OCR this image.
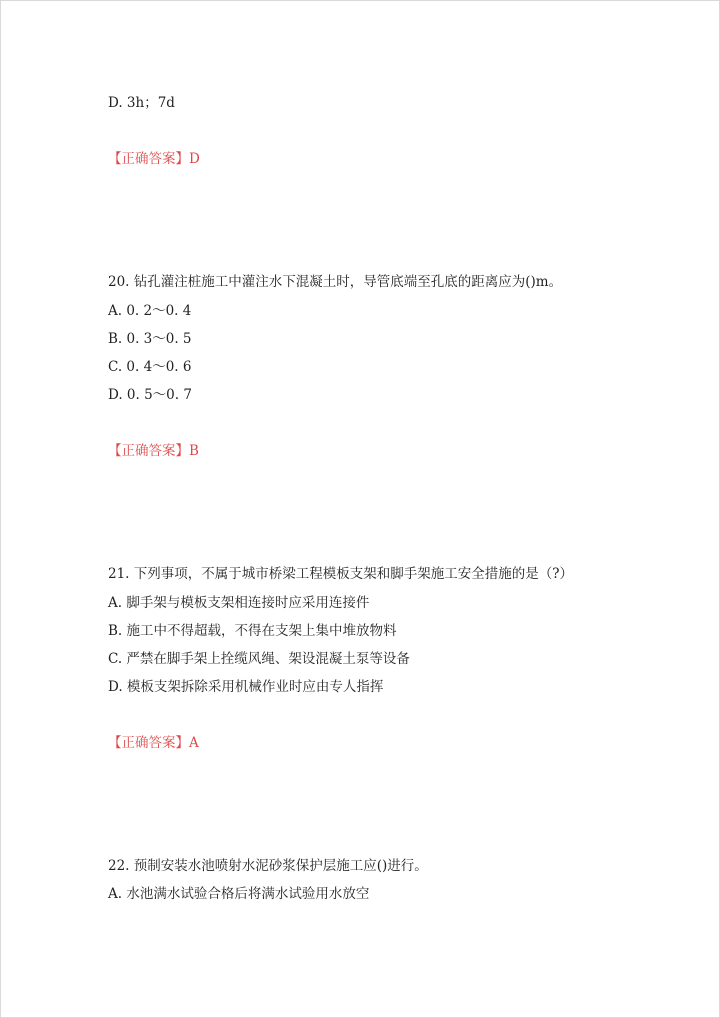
D. 3h；7d
【正确答案】D
20. 钻孔灌注桩施工中灌注水下混凝土时，导管底端至孔底的距离应为()m。
A. 0. 2～0. 4
B. 0. 3～0. 5
C. 0. 4～0. 6
D. 0. 5～0. 7
【正确答案】B
21. 下列事项，不属于城市桥梁工程模板支架和脚手架施工安全措施的是（?）
A. 脚手架与模板支架相连接时应采用连接件
B. 施工中不得超载，不得在支架上集中堆放物料
C. 严禁在脚手架上拴缆风绳、架设混凝土泵等设备
D. 模板支架拆除采用机械作业时应由专人指挥
【正确答案】A
22. 预制安装水池喷射水泥砂浆保护层施工应()进行。
A. 水池满水试验合格后将满水试验用水放空
